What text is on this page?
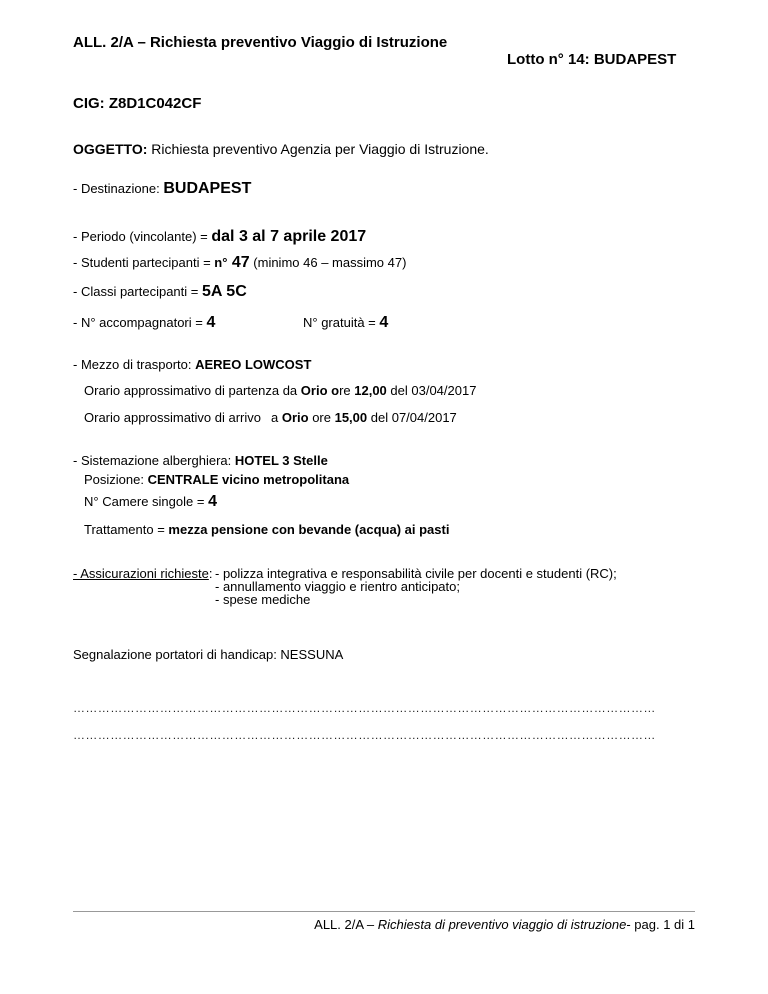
ALL. 2/A – Richiesta preventivo Viaggio di Istruzione
Lotto n° 14: BUDAPEST
CIG: Z8D1C042CF
OGGETTO: Richiesta preventivo Agenzia per Viaggio di Istruzione.
- Destinazione: BUDAPEST
- Periodo (vincolante) = dal 3 al 7 aprile 2017
- Studenti partecipanti = n° 47 (minimo 46 – massimo 47)
- Classi partecipanti = 5A 5C
- N° accompagnatori = 4	N° gratuità = 4
- Mezzo di trasporto: AEREO LOWCOST
Orario approssimativo di partenza da Orio ore 12,00 del 03/04/2017
Orario approssimativo di arrivo a Orio ore 15,00 del 07/04/2017
- Sistemazione alberghiera: HOTEL 3 Stelle
Posizione: CENTRALE vicino metropolitana
N° Camere singole = 4
Trattamento = mezza pensione con bevande (acqua) ai pasti
- Assicurazioni richieste: - polizza integrativa e responsabilità civile per docenti e studenti (RC);
- annullamento viaggio e rientro anticipato;
- spese mediche
Segnalazione portatori di handicap: NESSUNA
……………………………………………………………………………………………………………………………
……………………………………………………………………………………………………………………………
ALL. 2/A – Richiesta di preventivo viaggio di istruzione- pag. 1 di 1
